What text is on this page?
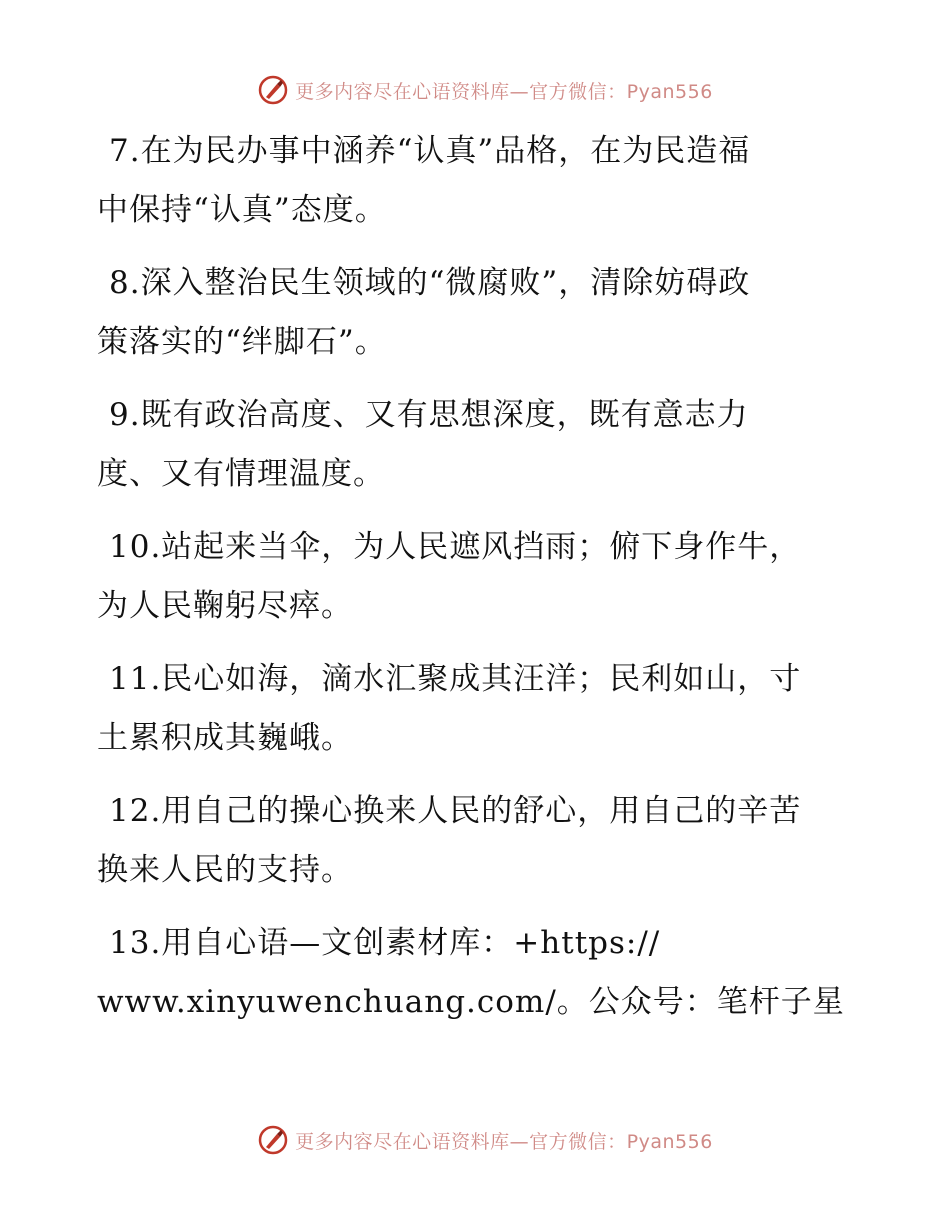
更多内容尽在心语资料库—官方微信：Pyan556

7.在为民办事中涵养“认真”品格，在为民造福
中保持“认真”态度。

8.深入整治民生领域的“微腐败”，清除妨碍政
策落实的“绊脚石”。

9.既有政治高度、又有思想深度，既有意志力
度、又有情理温度。

10.站起来当伞，为人民遮风挡雨；俯下身作牛，
为人民鞠躬尽瘁。

11.民心如海，滴水汇聚成其汪洋；民利如山，寸
土累积成其巍峨。

12.用自己的操心换来人民的舒心，用自己的辛苦
换来人民的支持。

13.用自心语—文创素材库：+https://
www.xinyuwenchuang.com/。公众号：笔杆子星

更多内容尽在心语资料库—官方微信：Pyan556
